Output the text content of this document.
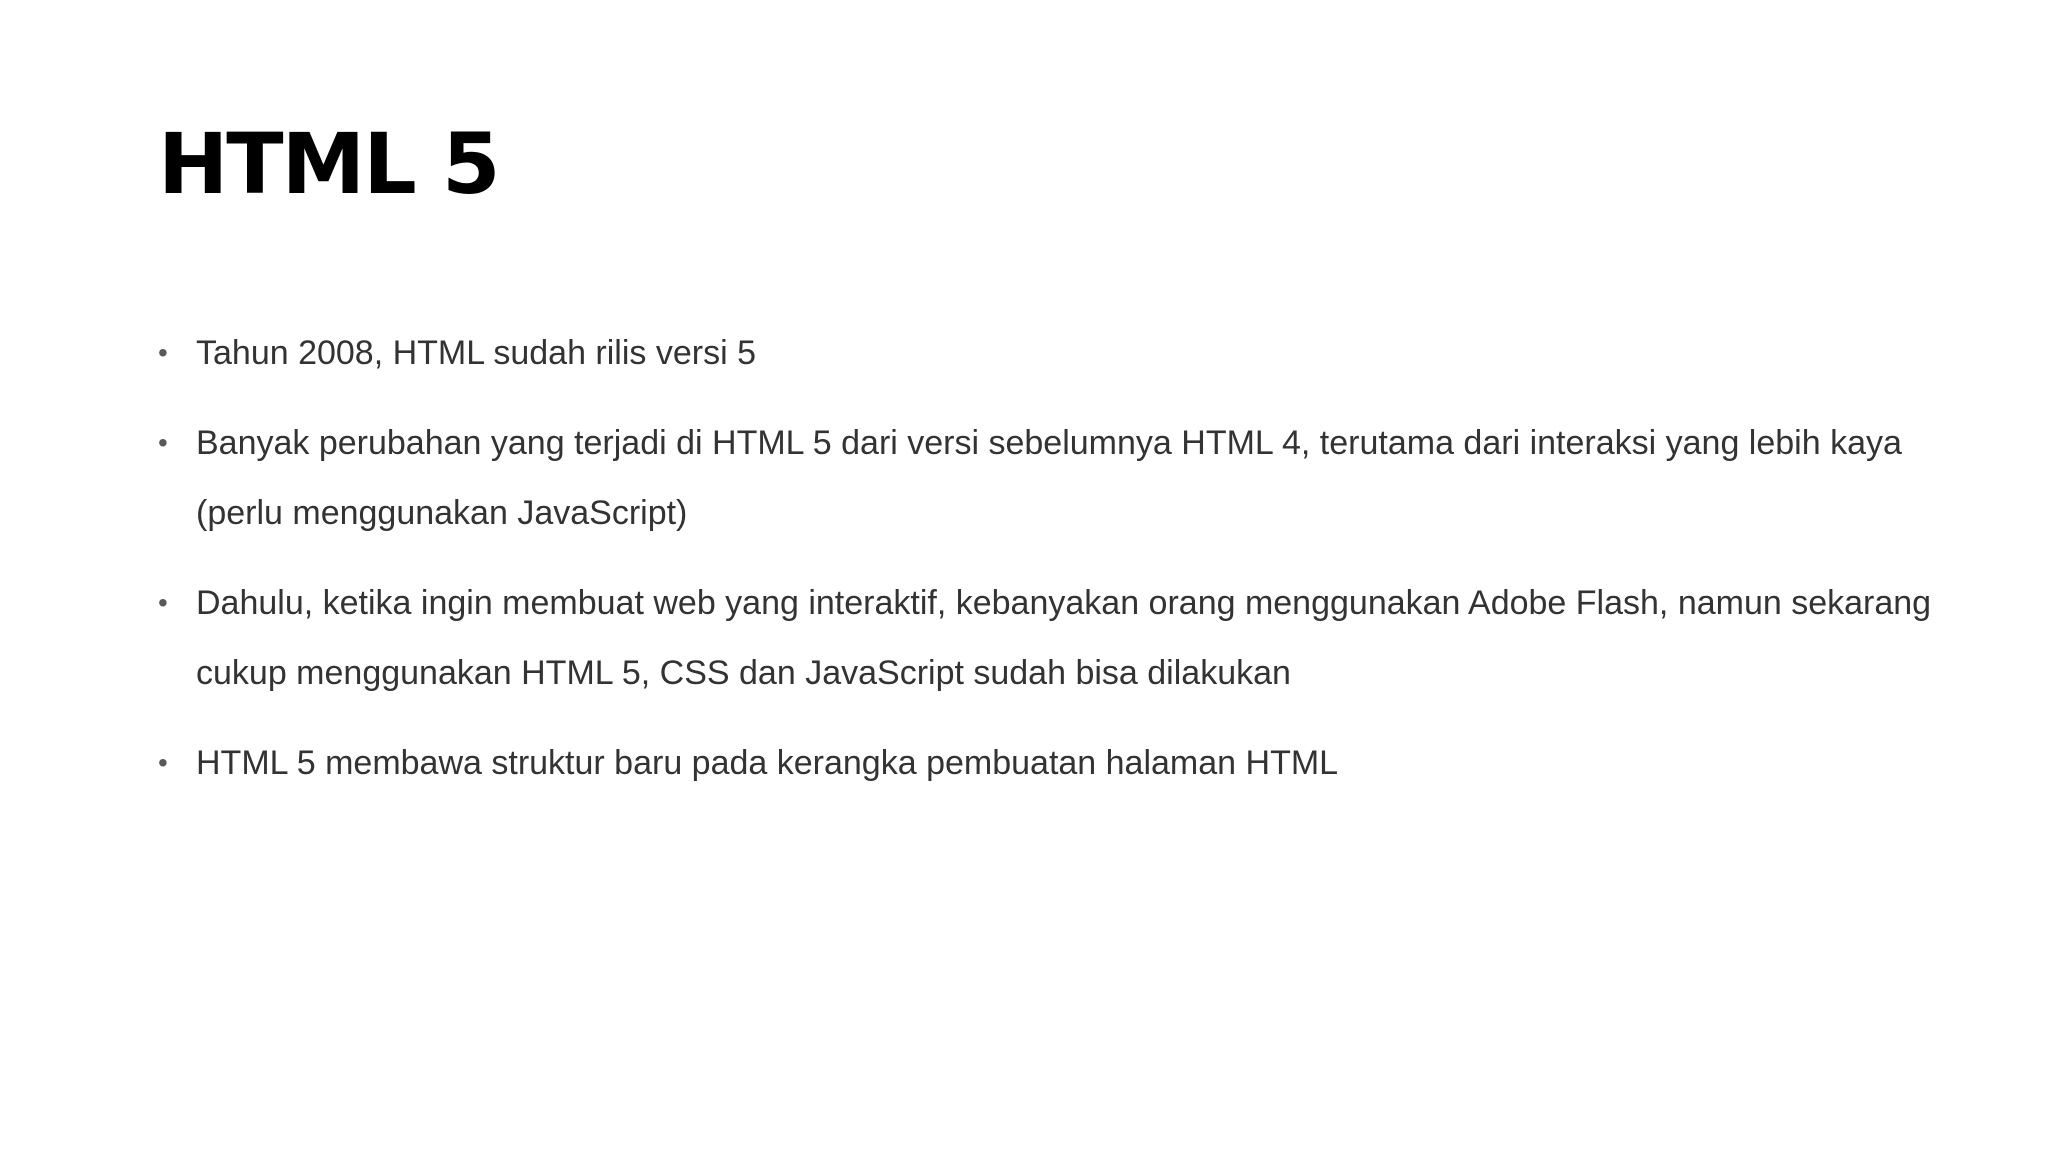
HTML 5
• Tahun 2008, HTML sudah rilis versi 5
• Banyak perubahan yang terjadi di HTML 5 dari versi sebelumnya HTML 4, terutama dari interaksi yang lebih kaya (perlu menggunakan JavaScript)
• Dahulu, ketika ingin membuat web yang interaktif, kebanyakan orang menggunakan Adobe Flash, namun sekarang cukup menggunakan HTML 5, CSS dan JavaScript sudah bisa dilakukan
• HTML 5 membawa struktur baru pada kerangka pembuatan halaman HTML
